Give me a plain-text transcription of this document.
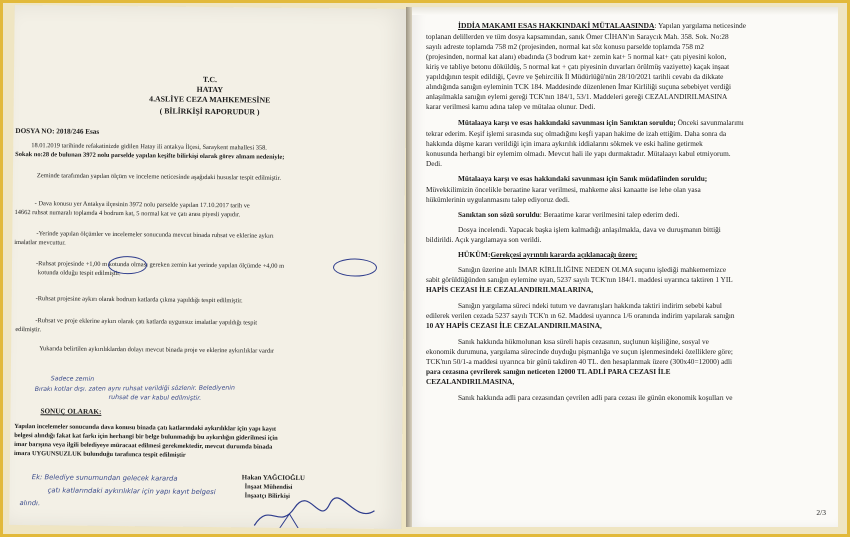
T.C.
HATAY
4.ASLİYE CEZA MAHKEMESİNE
( BİLİRKİŞİ RAPORUDUR )
DOSYA NO: 2018/246 Esas
18.01.2019 tarihinde refakatinizde gidilen Hatay ili antakya İlçesi, Saraykent mahallesi 358.
Sokak no:28 de bulunan 3972 nolu parselde yapılan keşifte bilirkişi olarak görev almam nedeniyle;
Zeminde tarafımdan yapılan ölçüm ve inceleme neticesinde aşağıdaki hususlar tespit edilmiştir.
- Dava konusu yer Antakya ilçesinin 3972 nolu parselde yapılan 17.10.2017 tarih ve
14662 ruhsat numaralı toplamda 4 bodrum kat, 5 normal kat ve çatı arası piyesli yapıdır.
-Yerinde yapılan ölçümler ve incelemeler sonucunda mevcut binada ruhsat ve eklerine aykırı
imalatlar mevcuttur.
-Ruhsat projesinde +1,00 m kotunda olması gereken zemin kat yerinde yapılan ölçümde +4,00 m
kotunda olduğu tespit edilmiştir.
-Ruhsat projesine aykırı olarak bodrum katlarda çıkma yapıldığı tespit edilmiştir.
-Ruhsat ve proje eklerine aykırı olarak çatı katlarda uygunsuz imalatlar yapıldığı tespit
edilmiştir.
Yukarıda belirtilen aykırılıklardan dolayı mevcut binada proje ve eklerine aykırılıklar vardır
Sadece zemin
Bırakı kotlar dışı. zaten aynı ruhsat verildiği sözlenir. Belediyenin
ruhsat de var kabul edilmiştir.
SONUÇ OLARAK:
Yapılan incelemeler sonucunda dava konusu binada çatı katlarındaki aykırılıklar için yapı kayıt
belgesi alındığı fakat kat farkı için herhangi bir belge bulunmadığı bu aykırılığın giderilmesi için
imar barışına veya ilgili belediyeye müracaat edilmesi gerekmektedir, mevcut durumda binada
imara UYGUNSUZLUK bulunduğu tarafımca tespit edilmiştir
Ek: Belediye sunumundan gelecek kararda
çatı katlarındaki aykırılıklar için yapı kayıt belgesi
alındı.
Hakan YAĞCIOĞLU
İnşaat Mühendisi
İnşaatçı Bilirkişi
İDDİA MAKAMI ESAS HAKKINDAKİ MÜTALAASINDA: Yapılan yargılama neticesinde
toplanan delillerden ve tüm dosya kapsamından, sanık Ömer CİHAN'ın Saraycık Mah. 358. Sok. No:28
sayılı adreste toplamda 758 m2 (projesinden, normal kat söz konusu parselde toplamda 758 m2
(projesinden, normal kat alanı) ebadında (3 bodrum kat+ zemin kat+ 5 normal kat+ çatı piyesini kolon,
kiriş ve tabliye betonu döküldüş, 5 normal kat + çatı piyesinin duvarları örülmüş vaziyette) kaçak inşaat
yapıldığının tespit edildiği, Çevre ve Şehircilik İl Müdürlüğü'nün 28/10/2021 tarihli cevabı da dikkate
alındığında sanığın eyleminin TCK 184. Maddesinde düzenlenen İmar Kirliliği suçuna sebebiyet verdiği
anlaşılmakla sanığın eylemi gereği TCK'nın 184/1, 53/1. Maddeleri gereği CEZALANDIRILMASINA
karar verilmesi kamu adına talep ve mütalaa olunur. Dedi.
Mütalaaya karşı ve esas hakkındaki savunması için Sanıktan soruldu; Önceki savunmalarımı
tekrar ederim. Keşif işlemi sırasında suç olmadığını keşfi yapan hakime de izah ettiğim. Daha sonra da
hakkında düşme kararı verildiği için imara aykırılık iddialarını sökmek ve eski haline getirmek
konusunda herhangi bir eylemim olmadı. Mevcut hali ile yapı durmaktadır. Mütalaayı kabul etmiyorum.
Dedi.
Mütalaaya karşı ve esas hakkındaki savunması için Sanık müdafiinden soruldu;
Müvekkilimizin öncelikle beraatine karar verilmesi, mahkeme aksi kanaatte ise lehe olan yasa
hükümlerinin uygulanmasını talep ediyoruz dedi.
Sanıktan son sözü soruldu: Beraatime karar verilmesini talep ederim dedi.
Dosya incelendi. Yapacak başka işlem kalmadığı anlaşılmakla, dava ve duruşmanın bittiği
bildirildi. Açık yargılamaya son verildi.
HÜKÜM:Gerekçesi ayrıntılı kararda açıklanacağı üzere;
Sanığın üzerine atılı İMAR KİRLİLİĞİNE NEDEN OLMA suçunu işlediği mahkememizce
sabit görüldüğünden sanığın eylemine uyan, 5237 sayılı TCK'nın 184/1. maddesi uyarınca taktiren 1 YIL
HAPİS CEZASI İLE CEZALANDIRILMALARINA,
Sanığın yargılama süreci ndeki tutum ve davranışları hakkında taktiri indirim sebebi kabul
edilerek verilen cezada 5237 sayılı TCK'n ın 62. Maddesi uyarınca 1/6 oranında indirim yapılarak sanığın
10 AY HAPİS CEZASI İLE CEZALANDIRILMASINA,
Sanık hakkında hükmolunan kısa süreli hapis cezasının, suçlunun kişiliğine, sosyal ve
ekonomik durumuna, yargılama sürecinde duyduğu pişmanlığa ve suçun işlenmesindeki özelliklere göre;
TCK'nın 50/1-a maddesi uyarınca bir günü takdiren 40 TL. den hesaplanmak üzere (300x40=12000) adli
para cezasına çevrilerek sanığın neticeten 12000 TL ADLİ PARA CEZASI İLE
CEZALANDIRILMASINA,
Sanık hakkında adli para cezasından çevrilen adli para cezası ile günün ekonomik koşulları ve
2/3
